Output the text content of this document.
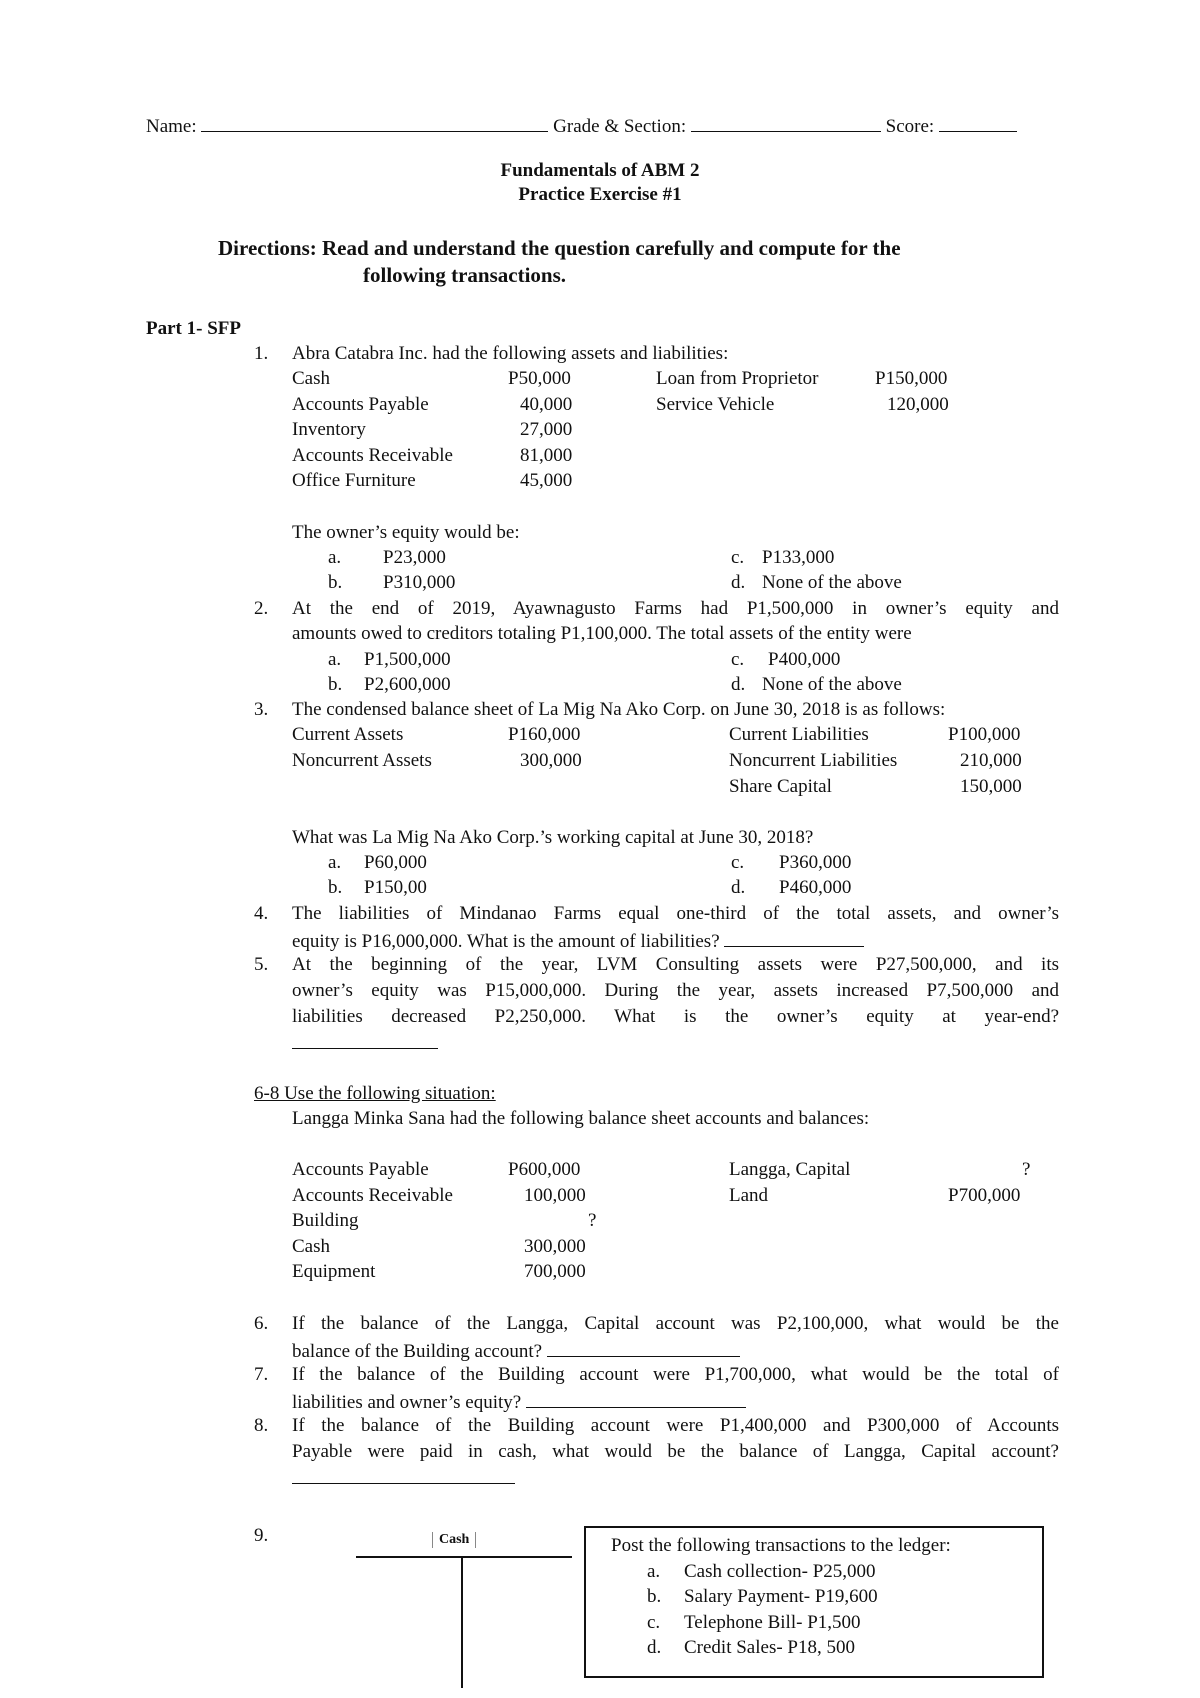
Name:	Grade & Section:	Score:
Fundamentals of ABM 2
Practice Exercise #1
Directions: Read and understand the question carefully and compute for the
following transactions.
Part 1- SFP
1. Abra Catabra Inc. had the following assets and liabilities:
Cash	P50,000
Accounts Payable	40,000
Inventory	27,000
Accounts Receivable	81,000
Office Furniture	45,000
Loan from Proprietor	P150,000
Service Vehicle	120,000
The owner’s equity would be:
a. P23,000
b. P310,000
c. P133,000
d. None of the above
2. At the end of 2019, Ayawnagusto Farms had P1,500,000 in owner’s equity and
amounts owed to creditors totaling P1,100,000. The total assets of the entity were
a. P1,500,000
b. P2,600,000
c. P400,000
d. None of the above
3. The condensed balance sheet of La Mig Na Ako Corp. on June 30, 2018 is as follows:
Current Assets	P160,000
Noncurrent Assets	300,000
Current Liabilities	P100,000
Noncurrent Liabilities	210,000
Share Capital	150,000
What was La Mig Na Ako Corp.’s working capital at June 30, 2018?
a. P60,000
b. P150,00
c. P360,000
d. P460,000
4. The liabilities of Mindanao Farms equal one-third of the total assets, and owner’s
equity is P16,000,000. What is the amount of liabilities?
5. At the beginning of the year, LVM Consulting assets were P27,500,000, and its
owner’s equity was P15,000,000. During the year, assets increased P7,500,000 and
liabilities decreased P2,250,000. What is the owner’s equity at year-end?
6-8 Use the following situation:
Langga Minka Sana had the following balance sheet accounts and balances:
Accounts Payable	P600,000
Accounts Receivable	100,000
Building	?
Cash	300,000
Equipment	700,000
Langga, Capital	?
Land	P700,000
6. If the balance of the Langga, Capital account was P2,100,000, what would be the
balance of the Building account?
7. If the balance of the Building account were P1,700,000, what would be the total of
liabilities and owner’s equity?
8. If the balance of the Building account were P1,400,000 and P300,000 of Accounts
Payable were paid in cash, what would be the balance of Langga, Capital account?
9.	Cash	Post the following transactions to the ledger:
a. Cash collection- P25,000
b. Salary Payment- P19,600
c. Telephone Bill- P1,500
d. Credit Sales- P18, 500
